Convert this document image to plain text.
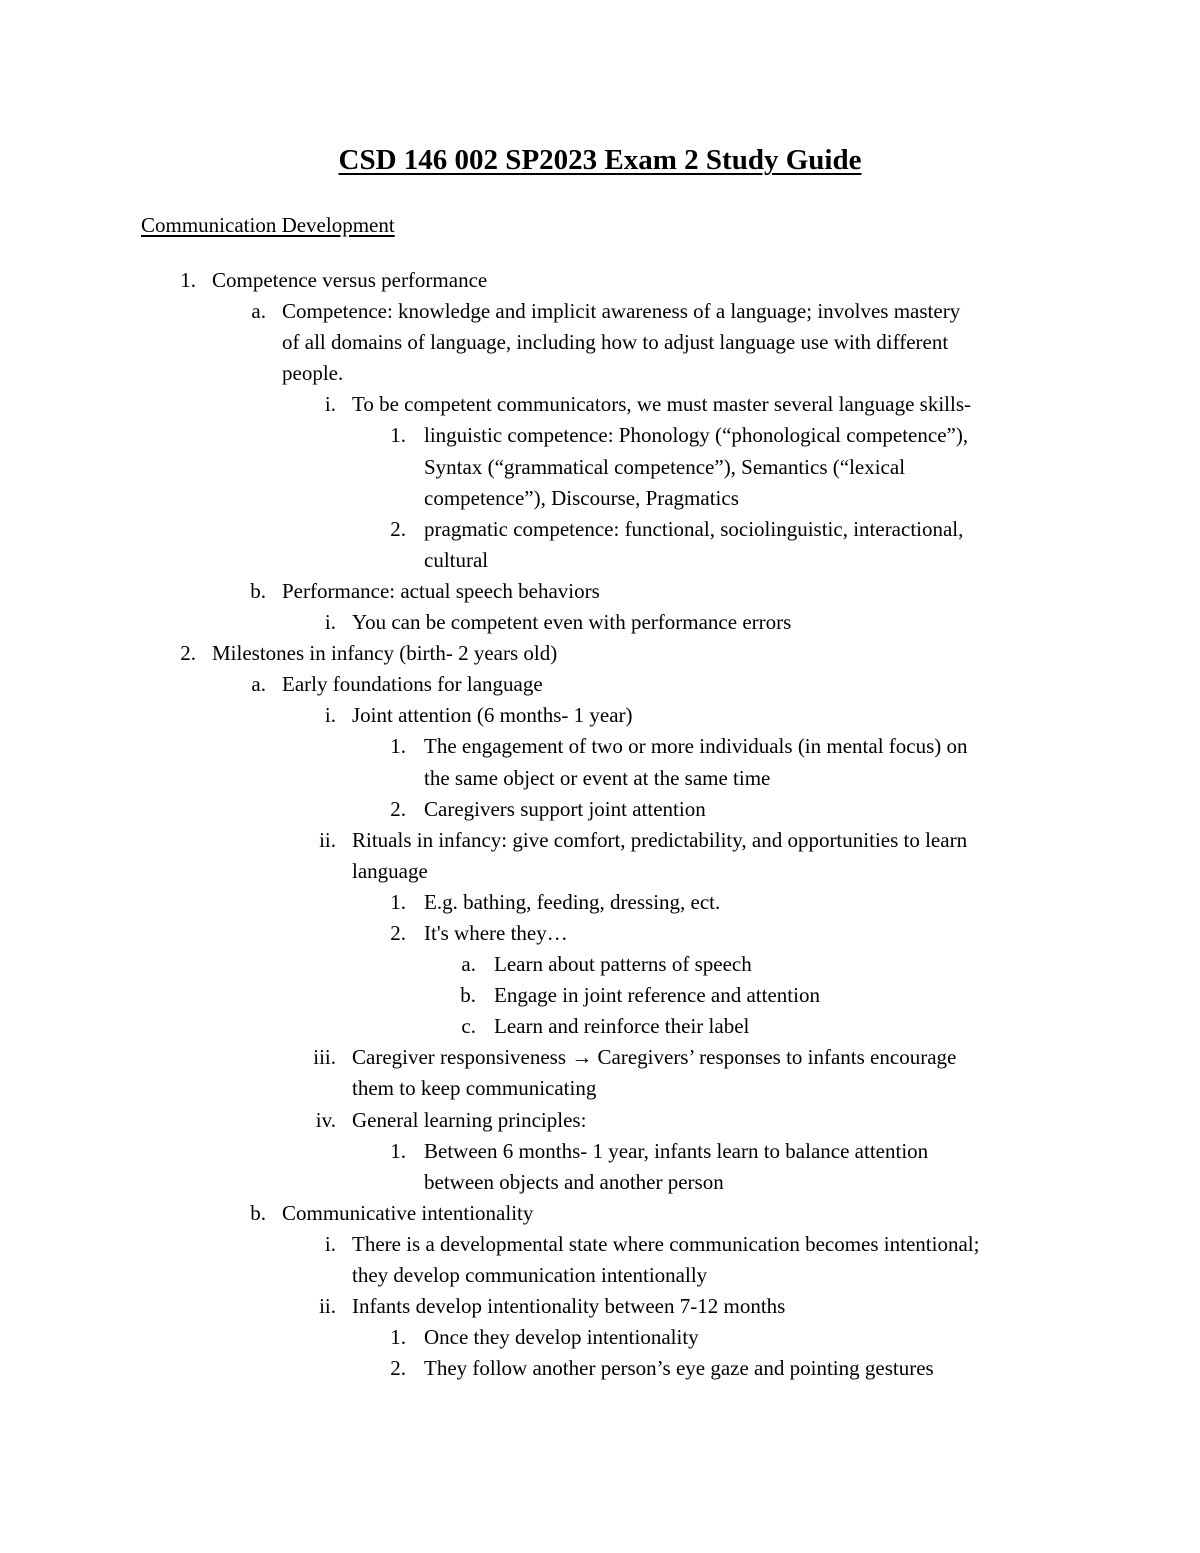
CSD 146 002 SP2023 Exam 2 Study Guide
Communication Development
1. Competence versus performance
a. Competence: knowledge and implicit awareness of a language; involves mastery
of all domains of language, including how to adjust language use with different
people.
i. To be competent communicators, we must master several language skills-
1. linguistic competence: Phonology (“phonological competence”),
Syntax (“grammatical competence”), Semantics (“lexical
competence”), Discourse, Pragmatics
2. pragmatic competence: functional, sociolinguistic, interactional,
cultural
b. Performance: actual speech behaviors
i. You can be competent even with performance errors
2. Milestones in infancy (birth- 2 years old)
a. Early foundations for language
i. Joint attention (6 months- 1 year)
1. The engagement of two or more individuals (in mental focus) on
the same object or event at the same time
2. Caregivers support joint attention
ii. Rituals in infancy: give comfort, predictability, and opportunities to learn
language
1. E.g. bathing, feeding, dressing, ect.
2. It's where they…
a. Learn about patterns of speech
b. Engage in joint reference and attention
c. Learn and reinforce their label
iii. Caregiver responsiveness → Caregivers’ responses to infants encourage
them to keep communicating
iv. General learning principles:
1. Between 6 months- 1 year, infants learn to balance attention
between objects and another person
b. Communicative intentionality
i. There is a developmental state where communication becomes intentional;
they develop communication intentionally
ii. Infants develop intentionality between 7-12 months
1. Once they develop intentionality
2. They follow another person’s eye gaze and pointing gestures
